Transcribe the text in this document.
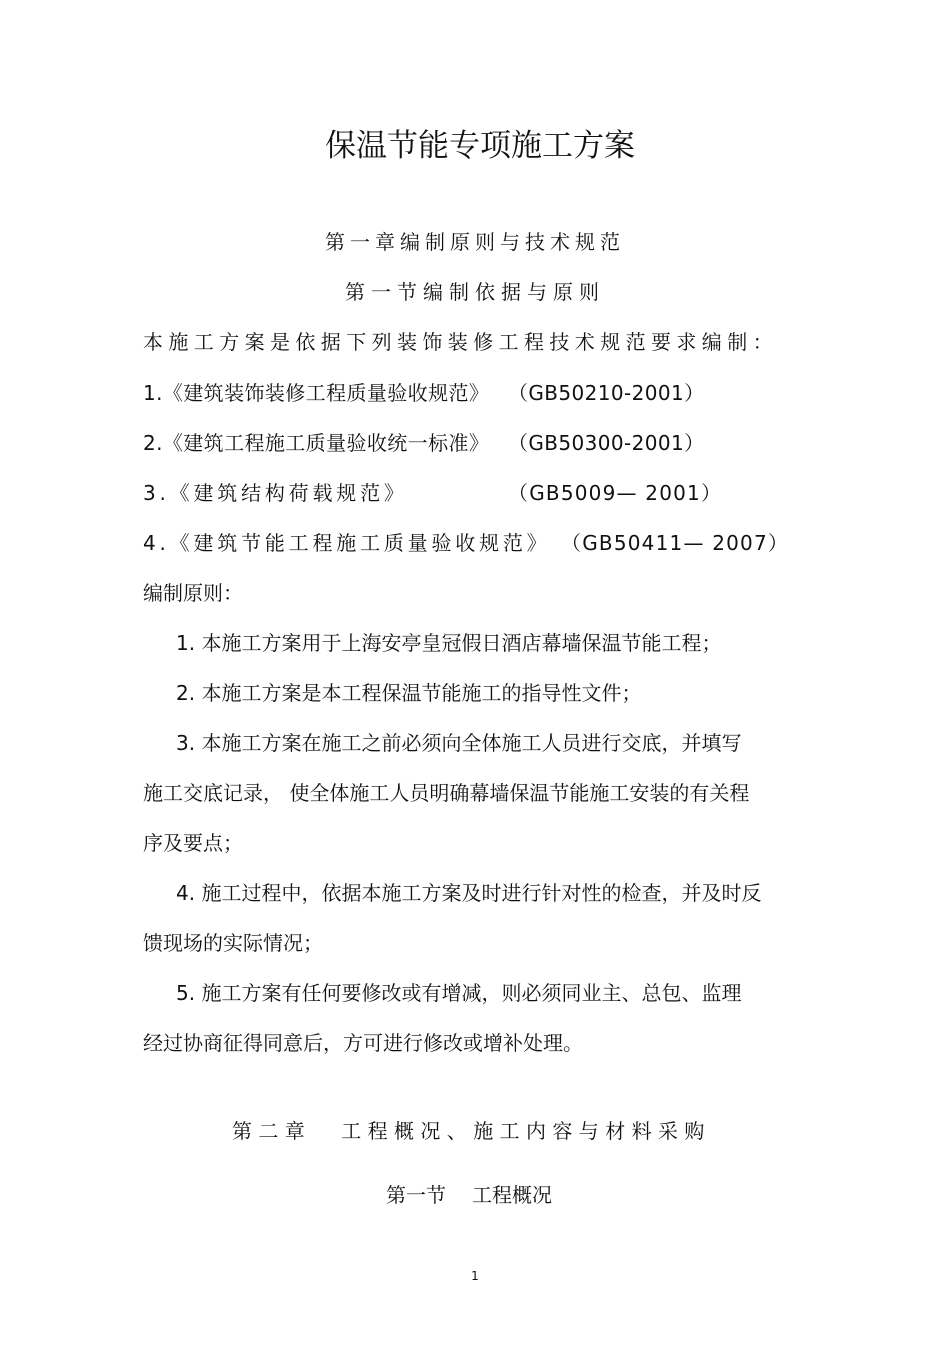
保温节能专项施工方案
第一章编制原则与技术规范
第一节编制依据与原则
本施工方案是依据下列装饰装修工程技术规范要求编制：
1.《建筑装饰装修工程质量验收规范》 （GB50210-2001）
2.《建筑工程施工质量验收统一标准》 （GB50300-2001）
3.《建筑结构荷载规范》	（GB5009— 2001）
4.《建筑节能工程施工质量验收规范》 （GB50411— 2007）
编制原则：
1. 本施工方案用于上海安亭皇冠假日酒店幕墙保温节能工程；
2. 本施工方案是本工程保温节能施工的指导性文件；
3. 本施工方案在施工之前必须向全体施工人员进行交底，并填写
施工交底记录， 使全体施工人员明确幕墙保温节能施工安装的有关程
序及要点；
4. 施工过程中，依据本施工方案及时进行针对性的检查，并及时反
馈现场的实际情况；
5. 施工方案有任何要修改或有增减，则必须同业主、总包、监理
经过协商征得同意后，方可进行修改或增补处理。
第二章 工程概况、施工内容与材料采购
第一节 工程概况
1
